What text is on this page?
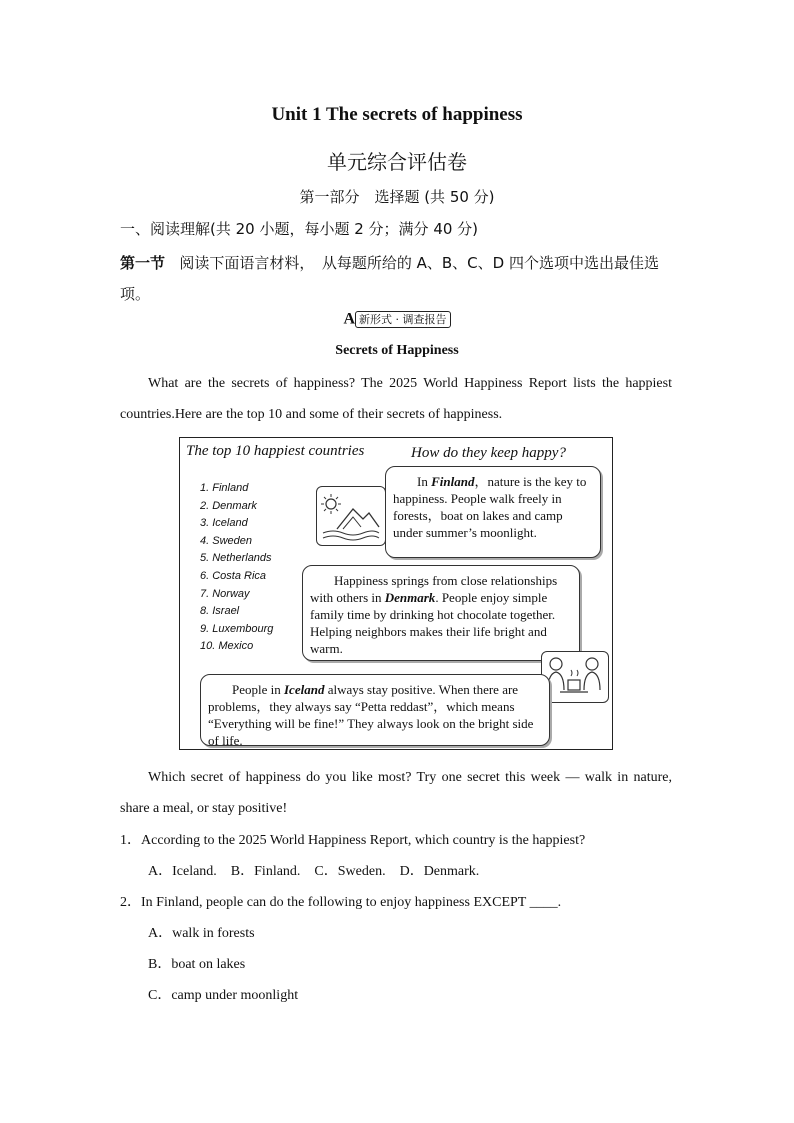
Unit 1 The secrets of happiness
单元综合评估卷
第一部分　选择题 (共 50 分)
一、阅读理解(共 20 小题，每小题 2 分；满分 40 分)
第一节 阅读下面语言材料，　从每题所给的 A、B、C、D 四个选项中选出最佳选项。
A 新形式 · 调查报告
Secrets of Happiness
What are the secrets of happiness? The 2025 World Happiness Report lists the happiest countries.Here are the top 10 and some of their secrets of happiness.
The top 10 happiest countries	How do they keep happy?
1. Finland
2. Denmark
3. Iceland
4. Sweden
5. Netherlands
6. Costa Rica
7. Norway
8. Israel
9. Luxembourg
10. Mexico
In Finland，nature is the key to happiness. People walk freely in forests，boat on lakes and camp under summer’s moonlight.
Happiness springs from close relationships with others in Denmark. People enjoy simple family time by drinking hot chocolate together. Helping neighbors makes their life bright and warm.
People in Iceland always stay positive. When there are problems，they always say “Petta reddast”，which means “Everything will be fine!” They always look on the bright side of life.
Which secret of happiness do you like most? Try one secret this week — walk in nature, share a meal, or stay positive!
1．According to the 2025 World Happiness Report, which country is the happiest?
A．Iceland.　B．Finland.　C．Sweden.　D．Denmark.
2．In Finland, people can do the following to enjoy happiness EXCEPT ____.
A．walk in forests
B．boat on lakes
C．camp under moonlight
